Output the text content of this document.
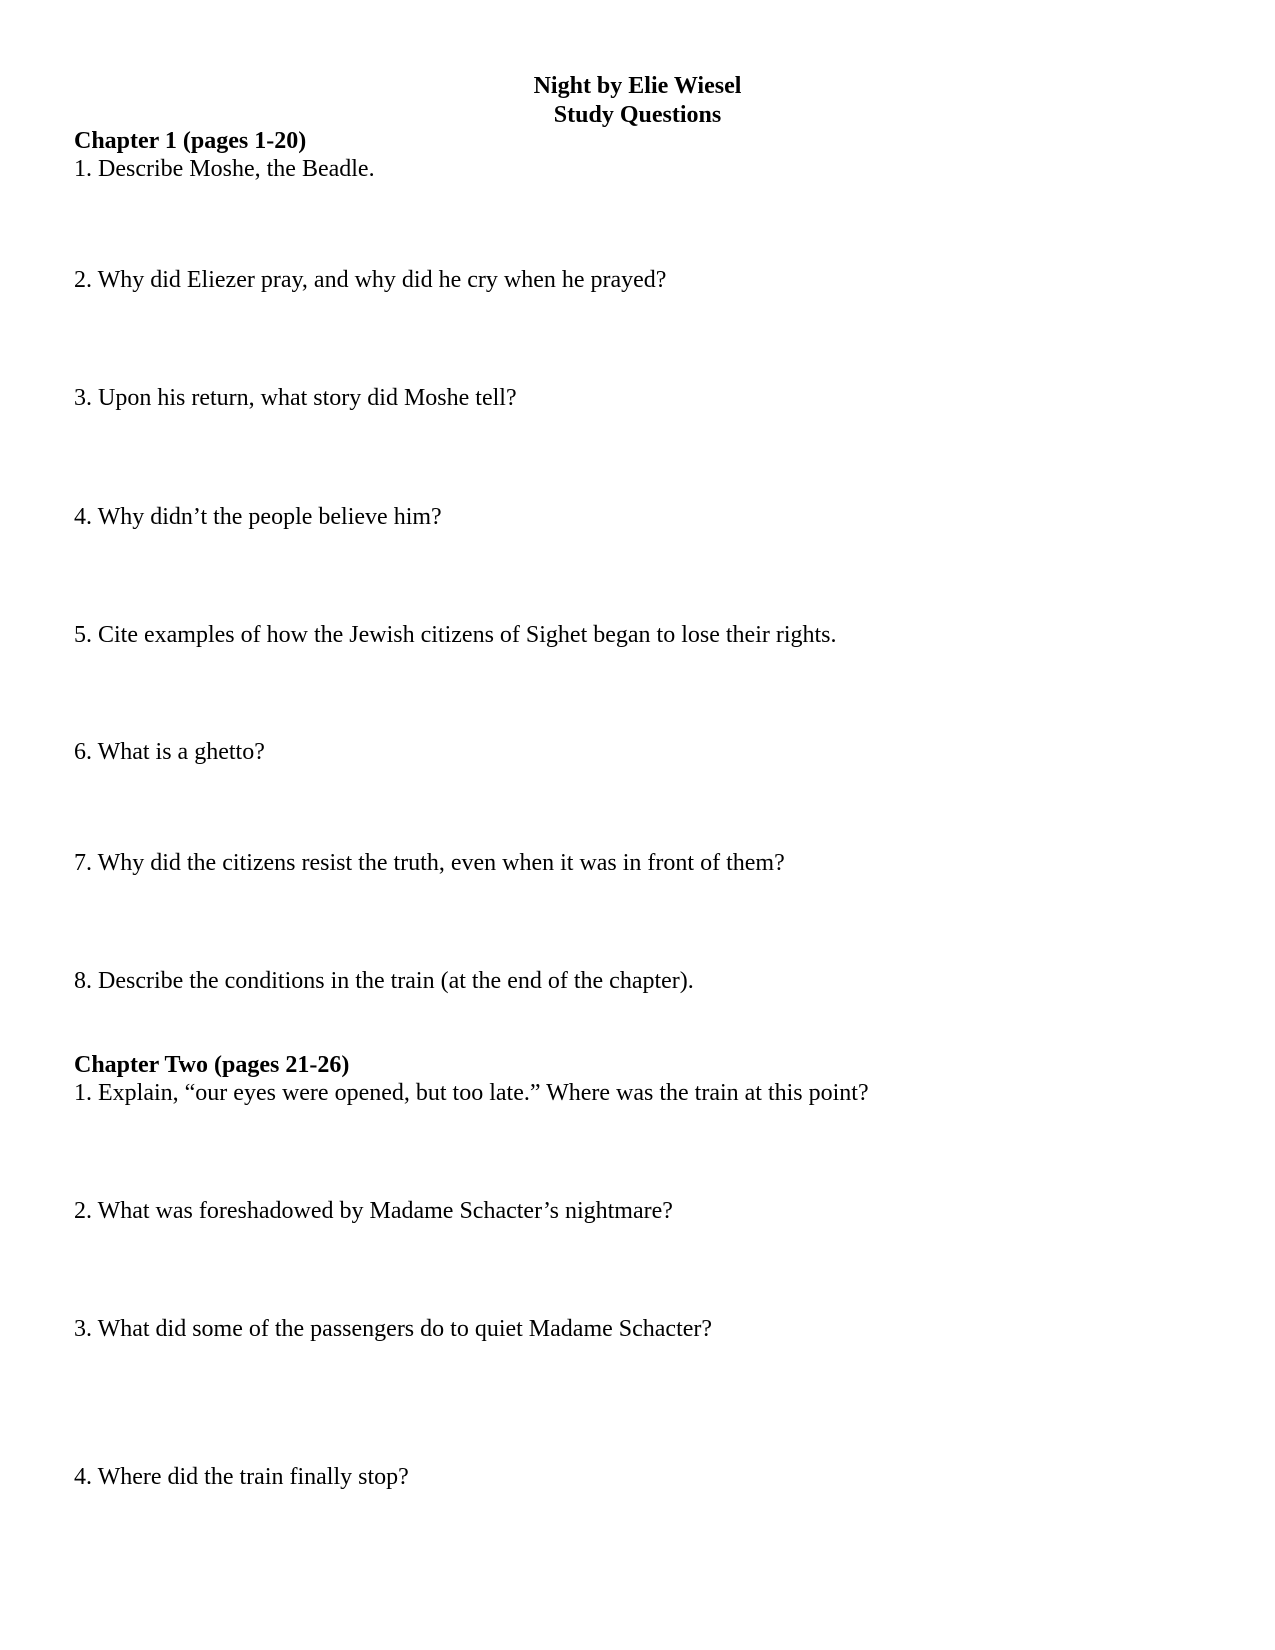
Night by Elie Wiesel
Study Questions
Chapter 1 (pages 1-20)
1. Describe Moshe, the Beadle.
2. Why did Eliezer pray, and why did he cry when he prayed?
3. Upon his return, what story did Moshe tell?
4. Why didn’t the people believe him?
5. Cite examples of how the Jewish citizens of Sighet began to lose their rights.
6. What is a ghetto?
7. Why did the citizens resist the truth, even when it was in front of them?
8. Describe the conditions in the train (at the end of the chapter).
Chapter Two (pages 21-26)
1. Explain, “our eyes were opened, but too late.” Where was the train at this point?
2. What was foreshadowed by Madame Schacter’s nightmare?
3. What did some of the passengers do to quiet Madame Schacter?
4. Where did the train finally stop?
